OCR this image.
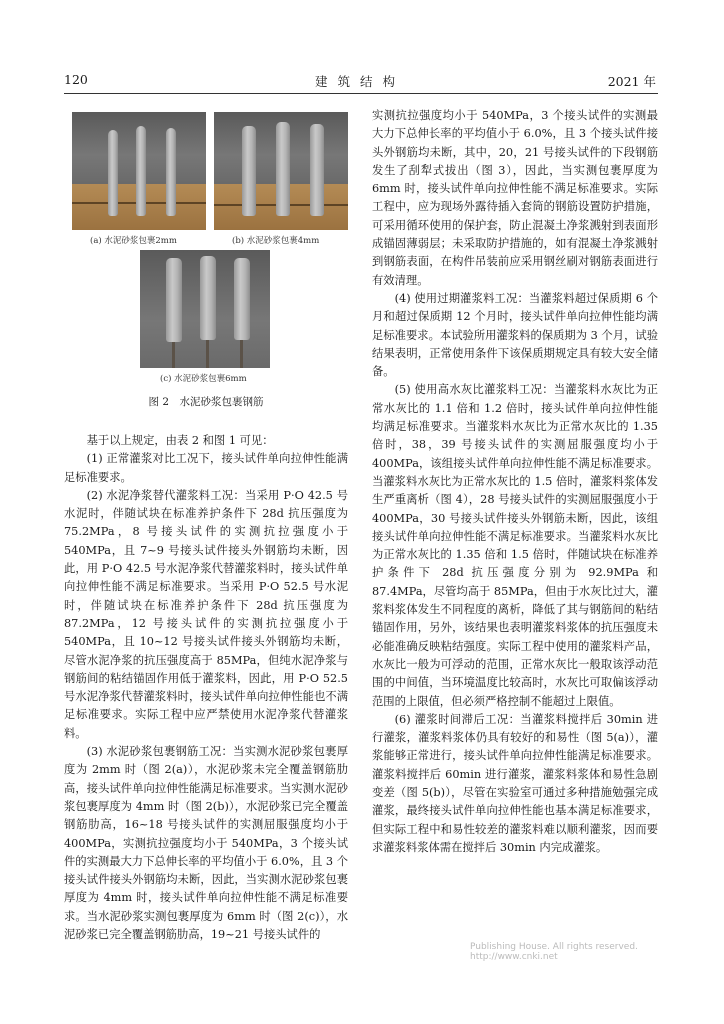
120	建筑结构	2021 年
(a) 水泥砂浆包裹2mm	(b) 水泥砂浆包裹4mm
(c) 水泥砂浆包裹6mm
图 2　水泥砂浆包裹钢筋

基于以上规定，由表 2 和图 1 可见：

(1) 正常灌浆对比工况下，接头试件单向拉伸性能满足标准要求。

(2) 水泥净浆替代灌浆料工况：当采用 P·O 42.5 号水泥时，伴随试块在标准养护条件下 28d 抗压强度为 75.2MPa，8 号接头试件的实测抗拉强度小于540MPa，且 7~9 号接头试件接头外钢筋均未断，因此，用 P·O 42.5 号水泥净浆代替灌浆料时，接头试件单向拉伸性能不满足标准要求。当采用 P·O 52.5 号水泥时，伴随试块在标准养护条件下 28d 抗压强度为 87.2MPa，12 号接头试件的实测抗拉强度小于540MPa，且 10~12 号接头试件接头外钢筋均未断，尽管水泥净浆的抗压强度高于 85MPa，但纯水泥净浆与钢筋间的粘结锚固作用低于灌浆料，因此，用 P·O 52.5 号水泥净浆代替灌浆料时，接头试件单向拉伸性能也不满足标准要求。实际工程中应严禁使用水泥净浆代替灌浆料。

(3) 水泥砂浆包裹钢筋工况：当实测水泥砂浆包裹厚度为 2mm 时（图 2(a)），水泥砂浆未完全覆盖钢筋肋高，接头试件单向拉伸性能满足标准要求。当实测水泥砂浆包裹厚度为 4mm 时（图 2(b)），水泥砂浆已完全覆盖钢筋肋高，16~18 号接头试件的实测屈服强度均小于 400MPa，实测抗拉强度均小于 540MPa，3 个接头试件的实测最大力下总伸长率的平均值小于 6.0%，且 3 个接头试件接头外钢筋均未断，因此，当实测水泥砂浆包裹厚度为 4mm 时，接头试件单向拉伸性能不满足标准要求。当水泥砂浆实测包裹厚度为 6mm 时（图 2(c)），水泥砂浆已完全覆盖钢筋肋高，19~21 号接头试件的

实测抗拉强度均小于 540MPa，3 个接头试件的实测最大力下总伸长率的平均值小于 6.0%，且 3 个接头试件接头外钢筋均未断，其中，20，21 号接头试件的下段钢筋发生了刮犁式拔出（图 3），因此，当实测包裹厚度为 6mm 时，接头试件单向拉伸性能不满足标准要求。实际工程中，应为现场外露待插入套筒的钢筋设置防护措施，可采用循环使用的保护套，防止混凝土净浆溅射到表面形成锚固薄弱层；未采取防护措施的，如有混凝土净浆溅射到钢筋表面，在构件吊装前应采用钢丝刷对钢筋表面进行有效清理。

(4) 使用过期灌浆料工况：当灌浆料超过保质期 6 个月和超过保质期 12 个月时，接头试件单向拉伸性能均满足标准要求。本试验所用灌浆料的保质期为 3 个月，试验结果表明，正常使用条件下该保质期规定具有较大安全储备。

(5) 使用高水灰比灌浆料工况：当灌浆料水灰比为正常水灰比的 1.1 倍和 1.2 倍时，接头试件单向拉伸性能均满足标准要求。当灌浆料水灰比为正常水灰比的 1.35 倍时，38，39 号接头试件的实测屈服强度均小于 400MPa，该组接头试件单向拉伸性能不满足标准要求。当灌浆料水灰比为正常水灰比的 1.5 倍时，灌浆料浆体发生严重离析（图 4），28 号接头试件的实测屈服强度小于 400MPa，30 号接头试件接头外钢筋未断，因此，该组接头试件单向拉伸性能不满足标准要求。当灌浆料水灰比为正常水灰比的 1.35 倍和 1.5 倍时，伴随试块在标准养护条件下 28d 抗压强度分别为 92.9MPa 和 87.4MPa，尽管均高于 85MPa，但由于水灰比过大，灌浆料浆体发生不同程度的离析，降低了其与钢筋间的粘结锚固作用，另外，该结果也表明灌浆料浆体的抗压强度未必能准确反映粘结强度。实际工程中使用的灌浆料产品，水灰比一般为可浮动的范围，正常水灰比一般取该浮动范围的中间值，当环境温度比较高时，水灰比可取偏该浮动范围的上限值，但必须严格控制不能超过上限值。

(6) 灌浆时间滞后工况：当灌浆料搅拌后 30min 进行灌浆，灌浆料浆体仍具有较好的和易性（图 5(a)），灌浆能够正常进行，接头试件单向拉伸性能满足标准要求。灌浆料搅拌后 60min 进行灌浆，灌浆料浆体和易性急剧变差（图 5(b)），尽管在实验室可通过多种措施勉强完成灌浆，最终接头试件单向拉伸性能也基本满足标准要求，但实际工程中和易性较差的灌浆料难以顺利灌浆，因而要求灌浆料浆体需在搅拌后 30min 内完成灌浆。

Publishing House. All rights reserved. http://www.cnki.net
